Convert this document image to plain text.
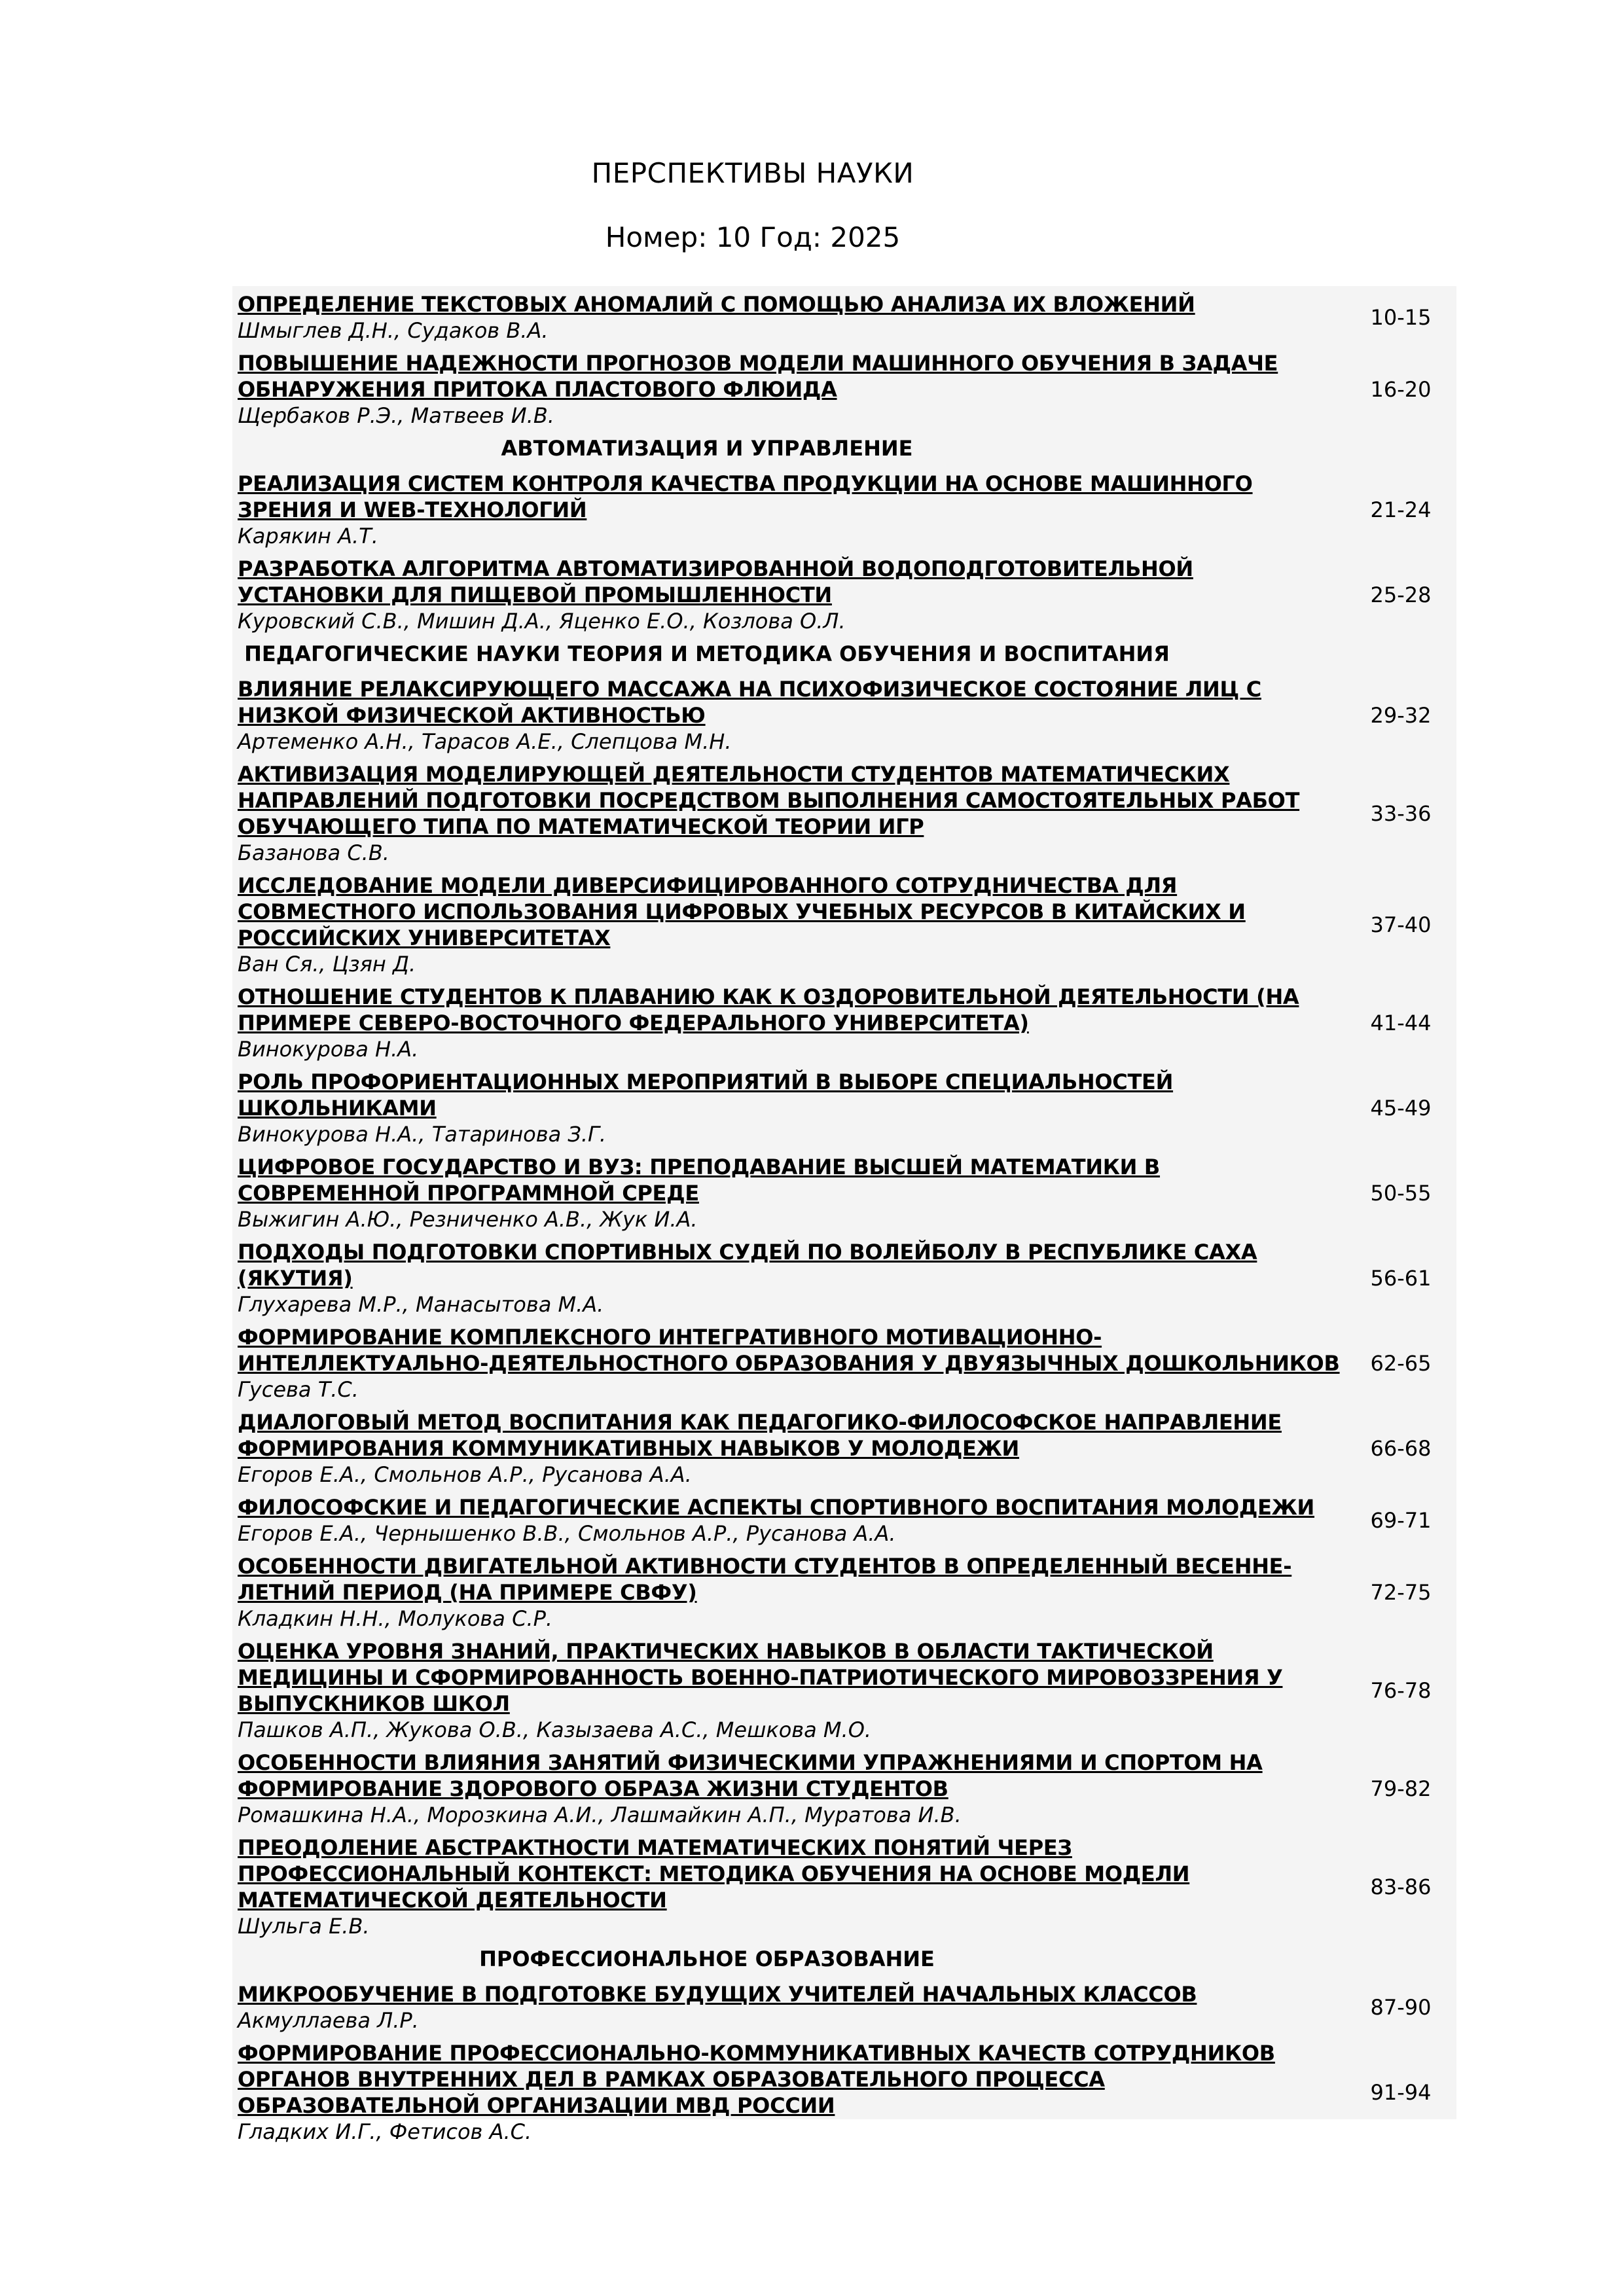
ПЕРСПЕКТИВЫ НАУКИ
Номер: 10 Год: 2025
ОПРЕДЕЛЕНИЕ ТЕКСТОВЫХ АНОМАЛИЙ С ПОМОЩЬЮ АНАЛИЗА ИХ ВЛОЖЕНИЙ
Шмыглев Д.Н., Судаков В.А.
10-15
ПОВЫШЕНИЕ НАДЕЖНОСТИ ПРОГНОЗОВ МОДЕЛИ МАШИННОГО ОБУЧЕНИЯ В ЗАДАЧЕ ОБНАРУЖЕНИЯ ПРИТОКА ПЛАСТОВОГО ФЛЮИДА
Щербаков Р.Э., Матвеев И.В.
16-20
АВТОМАТИЗАЦИЯ И УПРАВЛЕНИЕ
РЕАЛИЗАЦИЯ СИСТЕМ КОНТРОЛЯ КАЧЕСТВА ПРОДУКЦИИ НА ОСНОВЕ МАШИННОГО ЗРЕНИЯ И WEB-ТЕХНОЛОГИЙ
Карякин А.Т.
21-24
РАЗРАБОТКА АЛГОРИТМА АВТОМАТИЗИРОВАННОЙ ВОДОПОДГОТОВИТЕЛЬНОЙ УСТАНОВКИ ДЛЯ ПИЩЕВОЙ ПРОМЫШЛЕННОСТИ
Куровский С.В., Мишин Д.А., Яценко Е.О., Козлова О.Л.
25-28
ПЕДАГОГИЧЕСКИЕ НАУКИ ТЕОРИЯ И МЕТОДИКА ОБУЧЕНИЯ И ВОСПИТАНИЯ
ВЛИЯНИЕ РЕЛАКСИРУЮЩЕГО МАССАЖА НА ПСИХОФИЗИЧЕСКОЕ СОСТОЯНИЕ ЛИЦ С НИЗКОЙ ФИЗИЧЕСКОЙ АКТИВНОСТЬЮ
Артеменко А.Н., Тарасов А.Е., Слепцова М.Н.
29-32
АКТИВИЗАЦИЯ МОДЕЛИРУЮЩЕЙ ДЕЯТЕЛЬНОСТИ СТУДЕНТОВ МАТЕМАТИЧЕСКИХ НАПРАВЛЕНИЙ ПОДГОТОВКИ ПОСРЕДСТВОМ ВЫПОЛНЕНИЯ САМОСТОЯТЕЛЬНЫХ РАБОТ ОБУЧАЮЩЕГО ТИПА ПО МАТЕМАТИЧЕСКОЙ ТЕОРИИ ИГР
Базанова С.В.
33-36
ИССЛЕДОВАНИЕ МОДЕЛИ ДИВЕРСИФИЦИРОВАННОГО СОТРУДНИЧЕСТВА ДЛЯ СОВМЕСТНОГО ИСПОЛЬЗОВАНИЯ ЦИФРОВЫХ УЧЕБНЫХ РЕСУРСОВ В КИТАЙСКИХ И РОССИЙСКИХ УНИВЕРСИТЕТАХ
Ван Ся., Цзян Д.
37-40
ОТНОШЕНИЕ СТУДЕНТОВ К ПЛАВАНИЮ КАК К ОЗДОРОВИТЕЛЬНОЙ ДЕЯТЕЛЬНОСТИ (НА ПРИМЕРЕ СЕВЕРО-ВОСТОЧНОГО ФЕДЕРАЛЬНОГО УНИВЕРСИТЕТА)
Винокурова Н.А.
41-44
РОЛЬ ПРОФОРИЕНТАЦИОННЫХ МЕРОПРИЯТИЙ В ВЫБОРЕ СПЕЦИАЛЬНОСТЕЙ ШКОЛЬНИКАМИ
Винокурова Н.А., Татаринова З.Г.
45-49
ЦИФРОВОЕ ГОСУДАРСТВО И ВУЗ: ПРЕПОДАВАНИЕ ВЫСШЕЙ МАТЕМАТИКИ В СОВРЕМЕННОЙ ПРОГРАММНОЙ СРЕДЕ
Выжигин А.Ю., Резниченко А.В., Жук И.А.
50-55
ПОДХОДЫ ПОДГОТОВКИ СПОРТИВНЫХ СУДЕЙ ПО ВОЛЕЙБОЛУ В РЕСПУБЛИКЕ САХА (ЯКУТИЯ)
Глухарева М.Р., Манасытова М.А.
56-61
ФОРМИРОВАНИЕ КОМПЛЕКСНОГО ИНТЕГРАТИВНОГО МОТИВАЦИОННО-ИНТЕЛЛЕКТУАЛЬНО-ДЕЯТЕЛЬНОСТНОГО ОБРАЗОВАНИЯ У ДВУЯЗЫЧНЫХ ДОШКОЛЬНИКОВ
Гусева Т.С.
62-65
ДИАЛОГОВЫЙ МЕТОД ВОСПИТАНИЯ КАК ПЕДАГОГИКО-ФИЛОСОФСКОЕ НАПРАВЛЕНИЕ ФОРМИРОВАНИЯ КОММУНИКАТИВНЫХ НАВЫКОВ У МОЛОДЕЖИ
Егоров Е.А., Смольнов А.Р., Русанова А.А.
66-68
ФИЛОСОФСКИЕ И ПЕДАГОГИЧЕСКИЕ АСПЕКТЫ СПОРТИВНОГО ВОСПИТАНИЯ МОЛОДЕЖИ
Егоров Е.А., Чернышенко В.В., Смольнов А.Р., Русанова А.А.
69-71
ОСОБЕННОСТИ ДВИГАТЕЛЬНОЙ АКТИВНОСТИ СТУДЕНТОВ В ОПРЕДЕЛЕННЫЙ ВЕСЕННЕ-ЛЕТНИЙ ПЕРИОД (НА ПРИМЕРЕ СВФУ)
Кладкин Н.Н., Молукова С.Р.
72-75
ОЦЕНКА УРОВНЯ ЗНАНИЙ, ПРАКТИЧЕСКИХ НАВЫКОВ В ОБЛАСТИ ТАКТИЧЕСКОЙ МЕДИЦИНЫ И СФОРМИРОВАННОСТЬ ВОЕННО-ПАТРИОТИЧЕСКОГО МИРОВОЗЗРЕНИЯ У ВЫПУСКНИКОВ ШКОЛ
Пашков А.П., Жукова О.В., Казызаева А.С., Мешкова М.О.
76-78
ОСОБЕННОСТИ ВЛИЯНИЯ ЗАНЯТИЙ ФИЗИЧЕСКИМИ УПРАЖНЕНИЯМИ И СПОРТОМ НА ФОРМИРОВАНИЕ ЗДОРОВОГО ОБРАЗА ЖИЗНИ СТУДЕНТОВ
Ромашкина Н.А., Морозкина А.И., Лашмайкин А.П., Муратова И.В.
79-82
ПРЕОДОЛЕНИЕ АБСТРАКТНОСТИ МАТЕМАТИЧЕСКИХ ПОНЯТИЙ ЧЕРЕЗ ПРОФЕССИОНАЛЬНЫЙ КОНТЕКСТ: МЕТОДИКА ОБУЧЕНИЯ НА ОСНОВЕ МОДЕЛИ МАТЕМАТИЧЕСКОЙ ДЕЯТЕЛЬНОСТИ
Шульга Е.В.
83-86
ПРОФЕССИОНАЛЬНОЕ ОБРАЗОВАНИЕ
МИКРООБУЧЕНИЕ В ПОДГОТОВКЕ БУДУЩИХ УЧИТЕЛЕЙ НАЧАЛЬНЫХ КЛАССОВ
Акмуллаева Л.Р.
87-90
ФОРМИРОВАНИЕ ПРОФЕССИОНАЛЬНО-КОММУНИКАТИВНЫХ КАЧЕСТВ СОТРУДНИКОВ ОРГАНОВ ВНУТРЕННИХ ДЕЛ В РАМКАХ ОБРАЗОВАТЕЛЬНОГО ПРОЦЕССА ОБРАЗОВАТЕЛЬНОЙ ОРГАНИЗАЦИИ МВД РОССИИ
Гладких И.Г., Фетисов А.С.
91-94
